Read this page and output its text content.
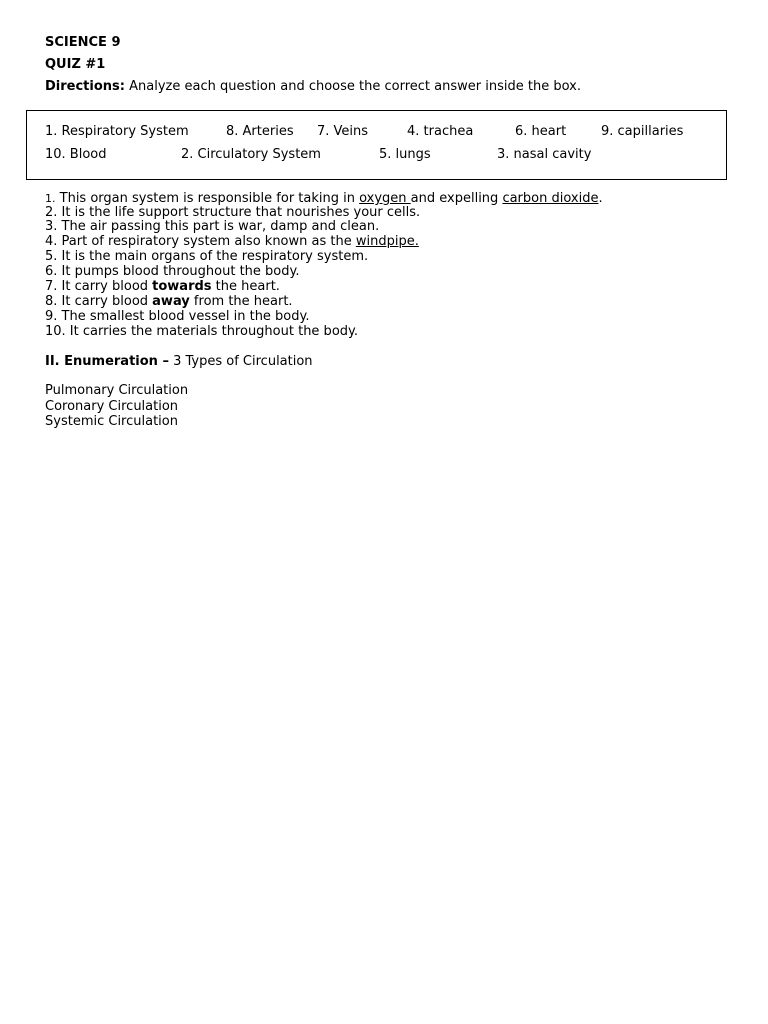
SCIENCE 9
QUIZ #1
Directions: Analyze each question and choose the correct answer inside the box.
1. Respiratory System	8. Arteries 7. Veins	4. trachea	6. heart	9. capillaries
10. Blood	2. Circulatory System	5. lungs	3. nasal cavity
1. This organ system is responsible for taking in oxygen and expelling carbon dioxide.
2. It is the life support structure that nourishes your cells.
3. The air passing this part is war, damp and clean.
4. Part of respiratory system also known as the windpipe.
5. It is the main organs of the respiratory system.
6. It pumps blood throughout the body.
7. It carry blood towards the heart.
8. It carry blood away from the heart.
9. The smallest blood vessel in the body.
10. It carries the materials throughout the body.
II. Enumeration – 3 Types of Circulation
Pulmonary Circulation
Coronary Circulation
Systemic Circulation
